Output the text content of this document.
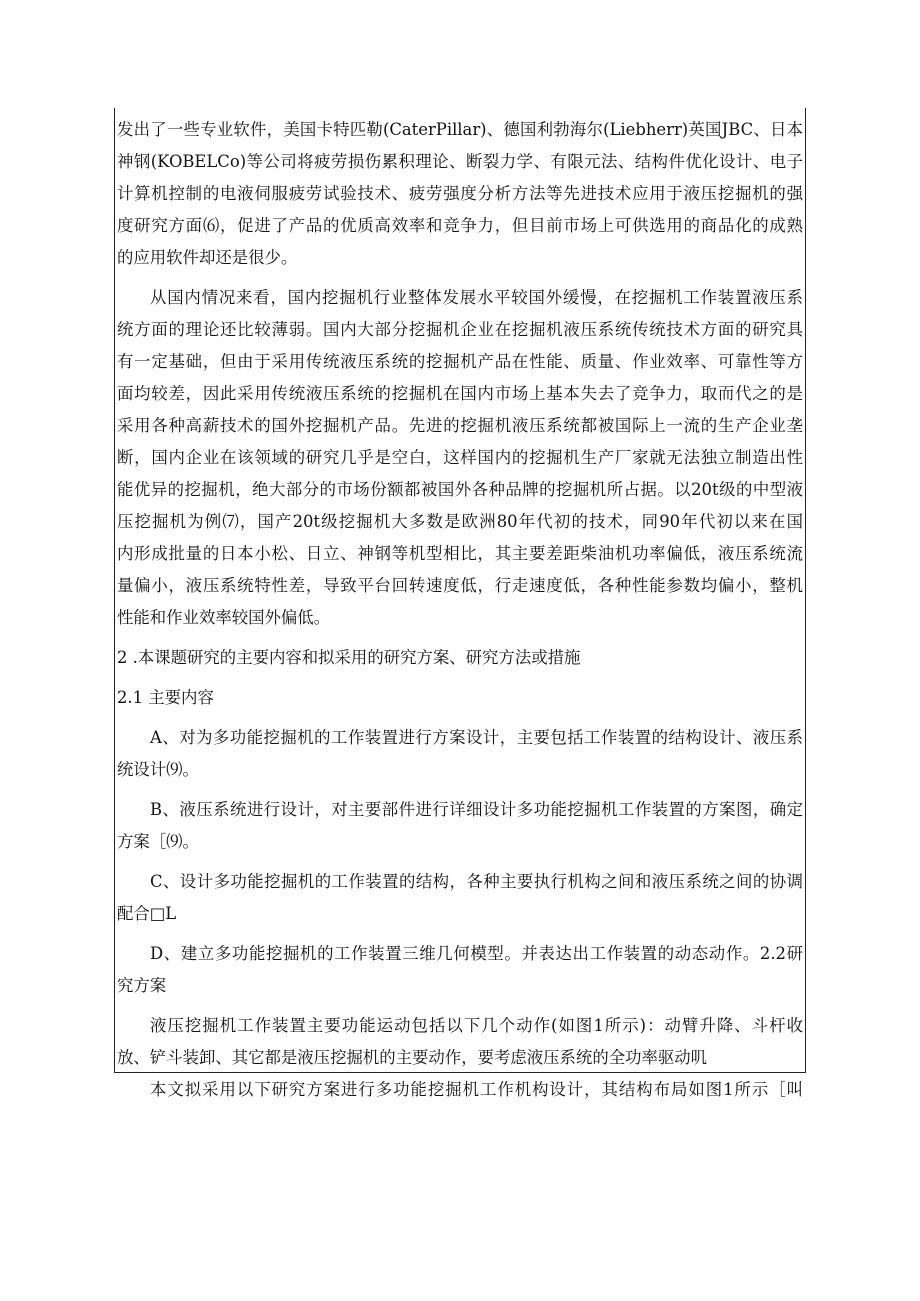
发出了一些专业软件，美国卡特匹勒(CaterPillar)、德国利勃海尔(Liebherr)英国JBC、日本
神钢(KOBELCo)等公司将疲劳损伤累积理论、断裂力学、有限元法、结构件优化设计、电子
计算机控制的电液伺服疲劳试验技术、疲劳强度分析方法等先进技术应用于液压挖掘机的强
度研究方面⑹，促进了产品的优质高效率和竞争力，但目前市场上可供选用的商品化的成熟
的应用软件却还是很少。
从国内情况来看，国内挖掘机行业整体发展水平较国外缓慢，在挖掘机工作装置液压系
统方面的理论还比较薄弱。国内大部分挖掘机企业在挖掘机液压系统传统技术方面的研究具
有一定基础，但由于采用传统液压系统的挖掘机产品在性能、质量、作业效率、可靠性等方
面均较差，因此采用传统液压系统的挖掘机在国内市场上基本失去了竞争力，取而代之的是
采用各种高薪技术的国外挖掘机产品。先进的挖掘机液压系统都被国际上一流的生产企业垄
断，国内企业在该领域的研究几乎是空白，这样国内的挖掘机生产厂家就无法独立制造出性
能优异的挖掘机，绝大部分的市场份额都被国外各种品牌的挖掘机所占据。以20t级的中型液
压挖掘机为例⑺，国产20t级挖掘机大多数是欧洲80年代初的技术，同90年代初以来在国
内形成批量的日本小松、日立、神钢等机型相比，其主要差距柴油机功率偏低，液压系统流
量偏小，液压系统特性差，导致平台回转速度低，行走速度低，各种性能参数均偏小，整机
性能和作业效率较国外偏低。
2 .本课题研究的主要内容和拟采用的研究方案、研究方法或措施
2.1 主要内容
A、对为多功能挖掘机的工作装置进行方案设计，主要包括工作装置的结构设计、液压系
统设计⑼。
B、液压系统进行设计，对主要部件进行详细设计多功能挖掘机工作装置的方案图，确定
方案［⑼。
C、设计多功能挖掘机的工作装置的结构，各种主要执行机构之间和液压系统之间的协调
配合□L
D、建立多功能挖掘机的工作装置三维几何模型。并表达出工作装置的动态动作。2.2研
究方案
液压挖掘机工作装置主要功能运动包括以下几个动作(如图1所示)：动臂升降、斗杆收
放、铲斗装卸、其它都是液压挖掘机的主要动作，要考虑液压系统的全功率驱动叽
本文拟采用以下研究方案进行多功能挖掘机工作机构设计，其结构布局如图1所示［叫
